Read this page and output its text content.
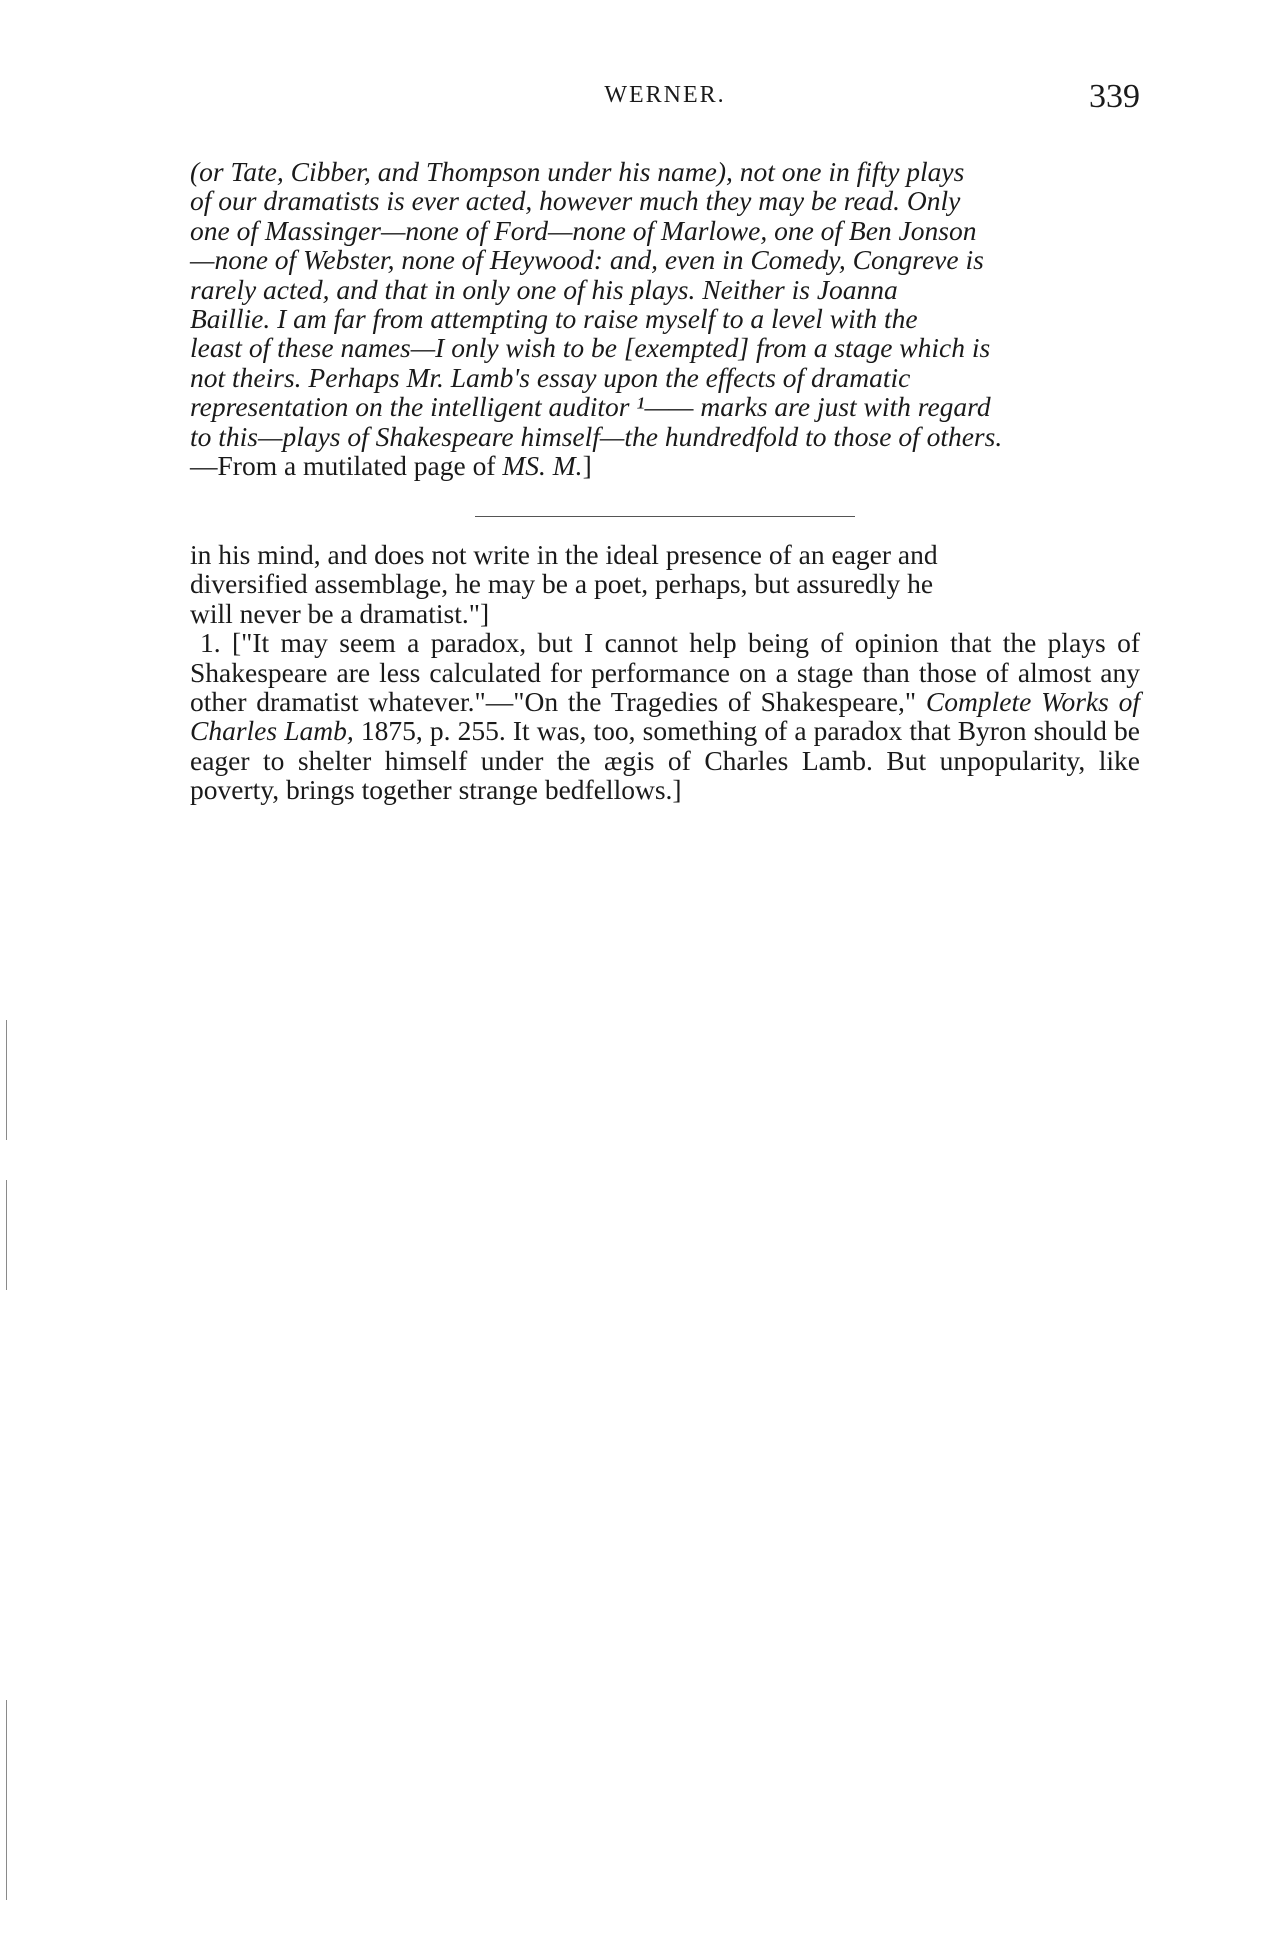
WERNER.	339

(or Tate, Cibber, and Thompson under his name), not one in fifty plays

of our dramatists is ever acted, however much they may be read. Only

one of Massinger—none of Ford—none of Marlowe, one of Ben Jonson

—none of Webster, none of Heywood: and, even in Comedy, Congreve is

rarely acted, and that in only one of his plays. Neither is Joanna

Baillie. I am far from attempting to raise myself to a level with the

least of these names—I only wish to be [exempted] from a stage which is

not theirs. Perhaps Mr. Lamb's essay upon the effects of dramatic

representation on the intelligent auditor ¹—— marks are just with regard

to this—plays of Shakespeare himself—the hundredfold to those of others.

—From a mutilated page of MS. M.]

in his mind, and does not write in the ideal presence of an eager and

diversified assemblage, he may be a poet, perhaps, but assuredly he

will never be a dramatist."]

1. ["It may seem a paradox, but I cannot help being of opinion that the plays of Shakespeare are less calculated for performance on a stage than those of almost any other dramatist whatever."—"On the Tragedies of Shakespeare," Complete Works of Charles Lamb, 1875, p. 255. It was, too, something of a paradox that Byron should be eager to shelter himself under the ægis of Charles Lamb. But unpopularity, like poverty, brings together strange bedfellows.]
